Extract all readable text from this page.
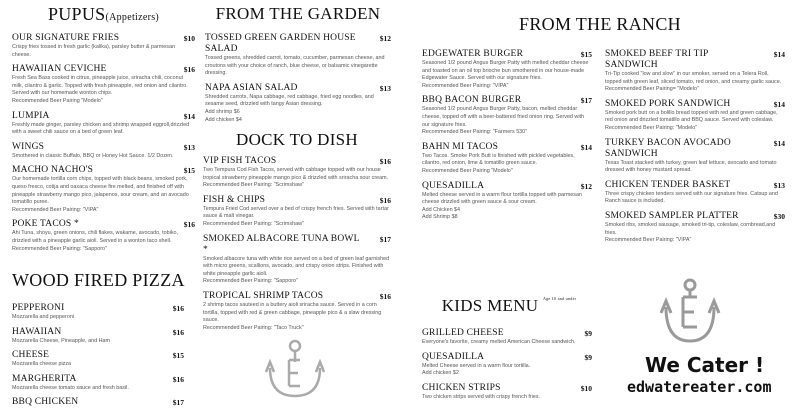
PUPUS(Appetizers)
OUR SIGNATURE FRIES	$10
Crispy fries tossed in fresh garlic (kalika), parsley butter & parmesan cheese.
HAWAIIAN CEVICHE	$16
Fresh Sea Bass cooked in citrus, pineapple juice, sriracha chili, coconut milk, cilantro & garlic. Topped with fresh pineapple, red onion and cilantro. Served with our homemade wonton chips.
Recommended Beer Pairing "Modelo"
LUMPIA	$14
Freshly made ginger, parsley chicken and shrimp wrapped eggroll,drizzled with a sweet chili sauce on a bed of green leaf.
WINGS	$13
Smothered in classic Buffalo, BBQ or Honey Hot Sauce. 1/2 Dozen.
MACHO NACHO'S	$15
Our homemade tortilla corn chips, topped with black beans, smoked pork, queso fresco, cotija and oaxaca cheese fire melted, and finished off with pineapple strawberry mango pico, jalapenos, sour cream, and an avocado tomatillo puree.
Recommended Beer Pairing: "VIPA"
POKE TACOS *	$16
Ahi Tuna, shoyu, green onions, chili flakes, wakame, avocado, tobiko, drizzled with a pineapple garlic aioli. Served in a wonton taco shell.
Recommended Beer Pairing: "Sapporo"
WOOD FIRED PIZZA
PEPPERONI	$16
Mozzarella and pepperoni
HAWAIIAN	$16
Mozzarella Cheese, Pineapple, and Ham
CHEESE	$15
Mozzarella cheese pizza
MARGHERITA	$16
Mozzarella cheese tomato sauce and fresh basil.
BBQ CHICKEN	$17
FROM THE GARDEN
TOSSED GREEN GARDEN HOUSE SALAD
$12
Tossed greens, shredded carrot, tomato, cucumber, parmesan cheese, and croutons with your choice of ranch, blue cheese, or balsamic vinegarette dressing.
NAPA ASIAN SALAD	$13
Shredded carrots, Napa cabbage, red cabbage, fried egg noodles, and sesame seed, drizzled with tangy Asian dressing.
Add shrimp $6
Add chicken $4
DOCK TO DISH
VIP FISH TACOS	$16
Two Tempura Cod Fish Tacos, served with cabbage topped with our house tropical strawberry pineapple mango pico & drizzled with sriracha sour cream.
Recommended Beer Pairing: "Scrimshaw"
FISH & CHIPS	$16
Tempura Fried Cod served over a bed of crispy french fries. Served with tartar sauce & malt vinegar.
Recommended Beer Pairing: "Scrimshaw"
SMOKED ALBACORE TUNA BOWL *
$17
Smoked albacore tuna with white rice served on a bed of green leaf garnished with micro greens, scallions, avocado, and crispy onion strips. Finished with white pineapple garlic aioli.
Recommended Beer Pairing: "Sapporo"
TROPICAL SHRIMP TACOS	$16
2 shrimp tacos sauteed in a buttery aioli sriracha sauce. Served in a corn tortilla, topped with red & green cabbage, pineapple pico & a slaw dressing sauce.
Recommended Beer Pairing: "Taco Truck"
FROM THE RANCH
EDGEWATER BURGER	$15
Seasoned 1/2 pound Angus Burger Patty with melted cheddar cheese and toasted on an oil top brioche bun smothered in our house-made Edgewater Sauce. Served with our signature fries.
Recommended Beer Pairing: "VIPA"
BBQ BACON BURGER	$17
Seasoned 1/2 pound Angus Burger Patty, bacon, melted cheddar cheese, topped off with a beer-battered fried onion ring. Served with our signature fries.
Recommended Beer Pairing: "Farmers 530"
BAHN MI TACOS	$14
Two Tacos. Smoke Pork Butt is finished with pickled vegetables, cilantro, red onion, lime & tomatillo green sauce.
Recommended Beer Pairing "Modelo"
QUESADILLA	$12
Melted cheese served in a warm flour tortilla topped with parmesan cheese drizzled with green sauce & sour cream.
Add Chicken $4
Add Shrimp $8
SMOKED BEEF TRI TIP SANDWICH
$14
Tri-Tip cooked "low and slow" in our smoker, served on a Telera Roll, topped with green leaf, sliced tomato, red onion, and creamy garlic sauce.
Recommended Beer Pairing= "Modelo"
SMOKED PORK SANDWICH	$14
Smoked pork butt on a bolillo bread topped with red and green cabbage, red onion and drizzled tomatillo and BBQ sauce. Served with coleslaw.
Recommended Beer Pairing: "Modelo"
TURKEY BACON AVOCADO SANDWICH
$14
Texas Toast stacked with turkey, green leaf lettuce, avocado and tomato dressed with honey mustard spread.
CHICKEN TENDER BASKET	$13
Three crispy chicken tenders served with our signature fries. Catsup and Ranch sauce is included.
SMOKED SAMPLER PLATTER	$30
Smoked ribs, smoked sausage, smoked tri-tip, coleslaw, cornbread,and fries.
Recommended Beer Pairing: "VIPA"
KIDS MENU $^{Age 10 and under}$
GRILLED CHEESE	$9
Everyone's favorite, creamy melted American Cheese sandwich.
QUESADILLA	$9
Melted Cheese served in a warm flour tortilla.
Add chicken $2
CHICKEN STRIPS	$10
Two chicken strips served with crispy french fries.
We Cater !
edwatereater.com
